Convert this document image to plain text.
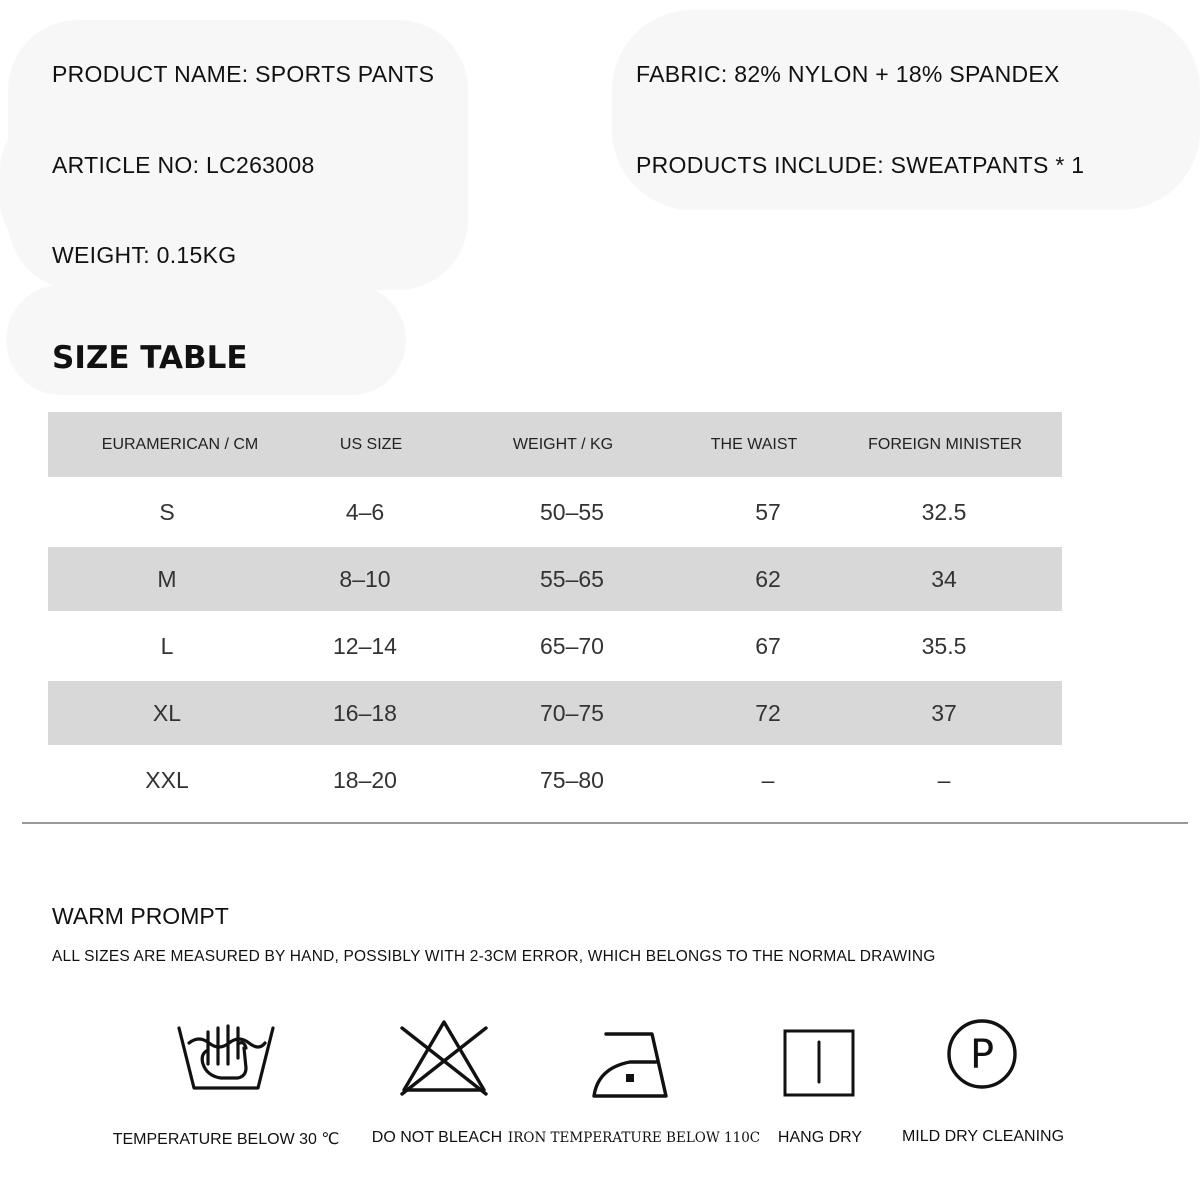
PRODUCT NAME: SPORTS PANTS	FABRIC: 82% NYLON + 18% SPANDEX
ARTICLE NO: LC263008	PRODUCTS INCLUDE: SWEATPANTS * 1
WEIGHT: 0.15KG
SIZE TABLE
EURAMERICAN / CM	US SIZE	WEIGHT / KG	THE WAIST	FOREIGN MINISTER
S	4–6	50–55	57	32.5
M	8–10	55–65	62	34
L	12–14	65–70	67	35.5
XL	16–18	70–75	72	37
XXL	18–20	75–80	–	–
WARM PROMPT
ALL SIZES ARE MEASURED BY HAND, POSSIBLY WITH 2-3CM ERROR, WHICH BELONGS TO THE NORMAL DRAWING
P
TEMPERATURE BELOW 30 ℃ DO NOT BLEACH IRON TEMPERATURE BELOW 110C HANG DRY MILD DRY CLEANING
